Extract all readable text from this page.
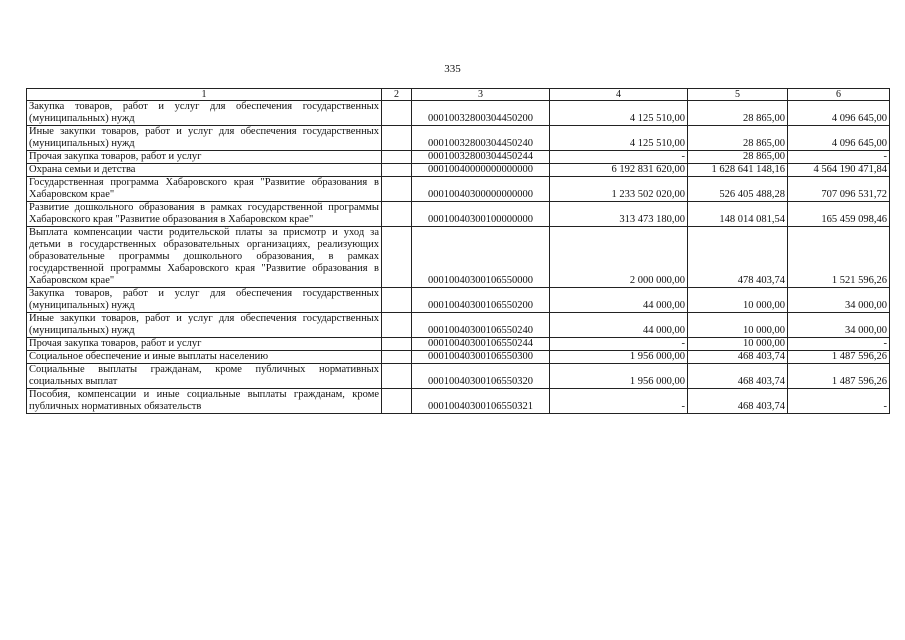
335
1	2	3	4	5	6
Закупка товаров, работ и услуг для обеспечения государственных (муниципальных) нужд		00010032800304450200	4 125 510,00	28 865,00	4 096 645,00
Иные закупки товаров, работ и услуг для обеспечения государственных (муниципальных) нужд		00010032800304450240	4 125 510,00	28 865,00	4 096 645,00
Прочая закупка товаров, работ и услуг		00010032800304450244	-	28 865,00	-
Охрана семьи и детства		00010040000000000000	6 192 831 620,00	1 628 641 148,16	4 564 190 471,84
Государственная программа Хабаровского края "Развитие образования в Хабаровском крае"		00010040300000000000	1 233 502 020,00	526 405 488,28	707 096 531,72
Развитие дошкольного образования в рамках государственной программы Хабаровского края "Развитие образования в Хабаровском крае"		00010040300100000000	313 473 180,00	148 014 081,54	165 459 098,46
Выплата компенсации части родительской платы за присмотр и уход за детьми в государственных образовательных организациях, реализующих образовательные программы дошкольного образования, в рамках государственной программы Хабаровского края "Развитие образования в Хабаровском крае"		00010040300106550000	2 000 000,00	478 403,74	1 521 596,26
Закупка товаров, работ и услуг для обеспечения государственных (муниципальных) нужд		00010040300106550200	44 000,00	10 000,00	34 000,00
Иные закупки товаров, работ и услуг для обеспечения государственных (муниципальных) нужд		00010040300106550240	44 000,00	10 000,00	34 000,00
Прочая закупка товаров, работ и услуг		00010040300106550244	-	10 000,00	-
Социальное обеспечение и иные выплаты населению		00010040300106550300	1 956 000,00	468 403,74	1 487 596,26
Социальные выплаты гражданам, кроме публичных нормативных социальных выплат		00010040300106550320	1 956 000,00	468 403,74	1 487 596,26
Пособия, компенсации и иные социальные выплаты гражданам, кроме публичных нормативных обязательств		00010040300106550321	-	468 403,74	-
